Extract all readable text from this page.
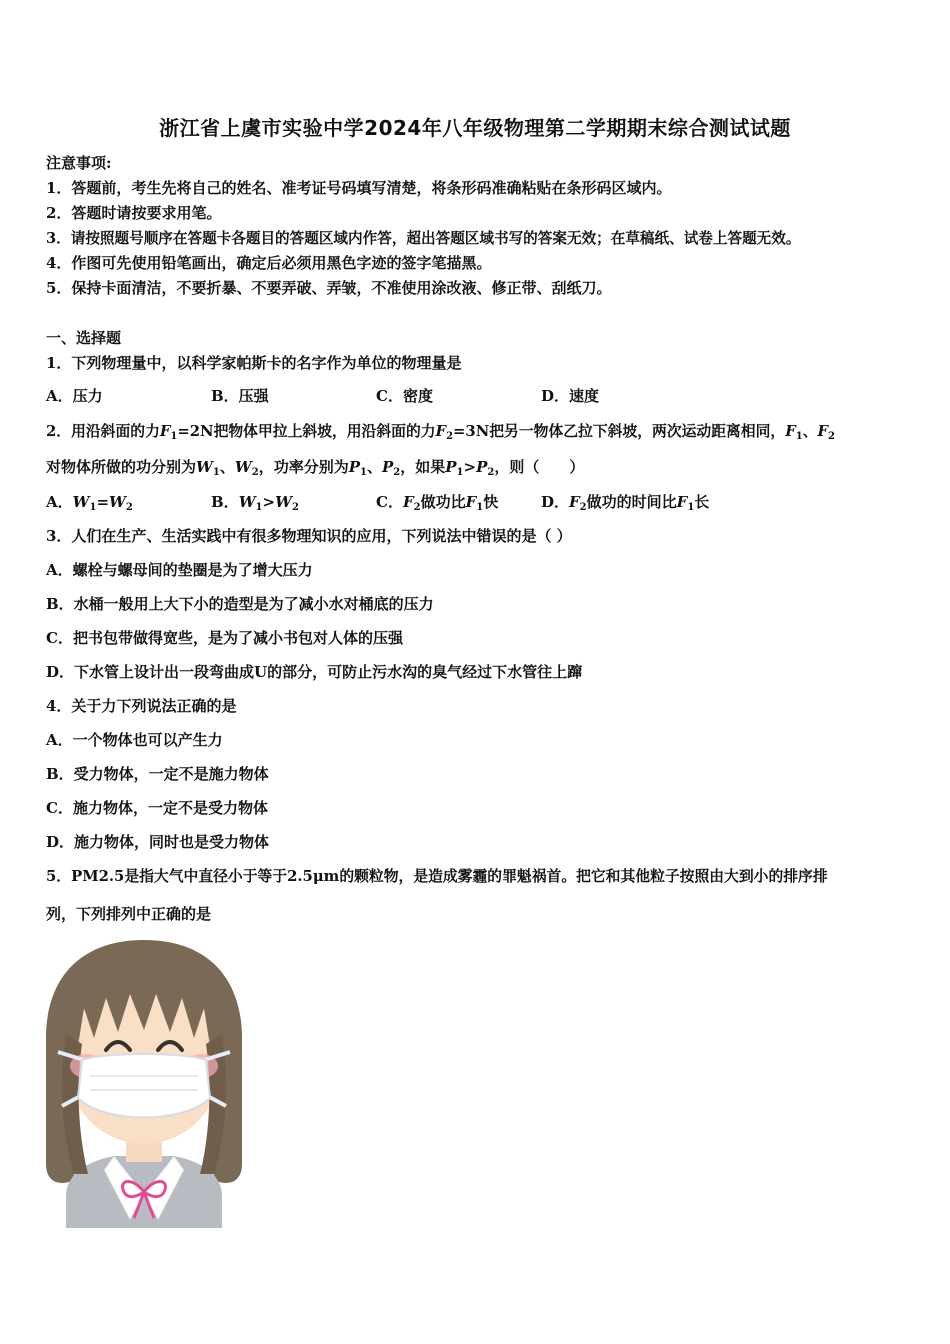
浙江省上虞市实验中学2024年八年级物理第二学期期末综合测试试题
注意事项:
1．答题前，考生先将自己的姓名、准考证号码填写清楚，将条形码准确粘贴在条形码区域内。
2．答题时请按要求用笔。
3．请按照题号顺序在答题卡各题目的答题区域内作答，超出答题区域书写的答案无效；在草稿纸、试卷上答题无效。
4．作图可先使用铅笔画出，确定后必须用黑色字迹的签字笔描黑。
5．保持卡面清洁，不要折暴、不要弄破、弄皱，不准使用涂改液、修正带、刮纸刀。
一、选择题
1．下列物理量中，以科学家帕斯卡的名字作为单位的物理量是
A．压力	B．压强	C．密度	D．速度
2．用沿斜面的力$F_1=2N$把物体甲拉上斜坡，用沿斜面的力$F_2=3N$把另一物体乙拉下斜坡，两次运动距离相同，$F_1$、$F_2$
对物体所做的功分别为$W_1$、$W_2$，功率分别为$P_1$、$P_2$，如果$P_1>P_2$，则（　　）
A．$W_1=W_2$	B．$W_1>W_2$	C．$F_2$做功比$F_1$快	D．$F_2$做功的时间比$F_1$长
3．人们在生产、生活实践中有很多物理知识的应用，下列说法中错误的是（ ）
A．螺栓与螺母间的垫圈是为了增大压力
B．水桶一般用上大下小的造型是为了减小水对桶底的压力
C．把书包带做得宽些，是为了减小书包对人体的压强
D．下水管上设计出一段弯曲成U的部分，可防止污水沟的臭气经过下水管往上蹿
4．关于力下列说法正确的是
A．一个物体也可以产生力
B．受力物体，一定不是施力物体
C．施力物体，一定不是受力物体
D．施力物体，同时也是受力物体
5．PM2.5是指大气中直径小于等于2.5μm的颗粒物，是造成雾霾的罪魁祸首。把它和其他粒子按照由大到小的排序排
列，下列排列中正确的是
